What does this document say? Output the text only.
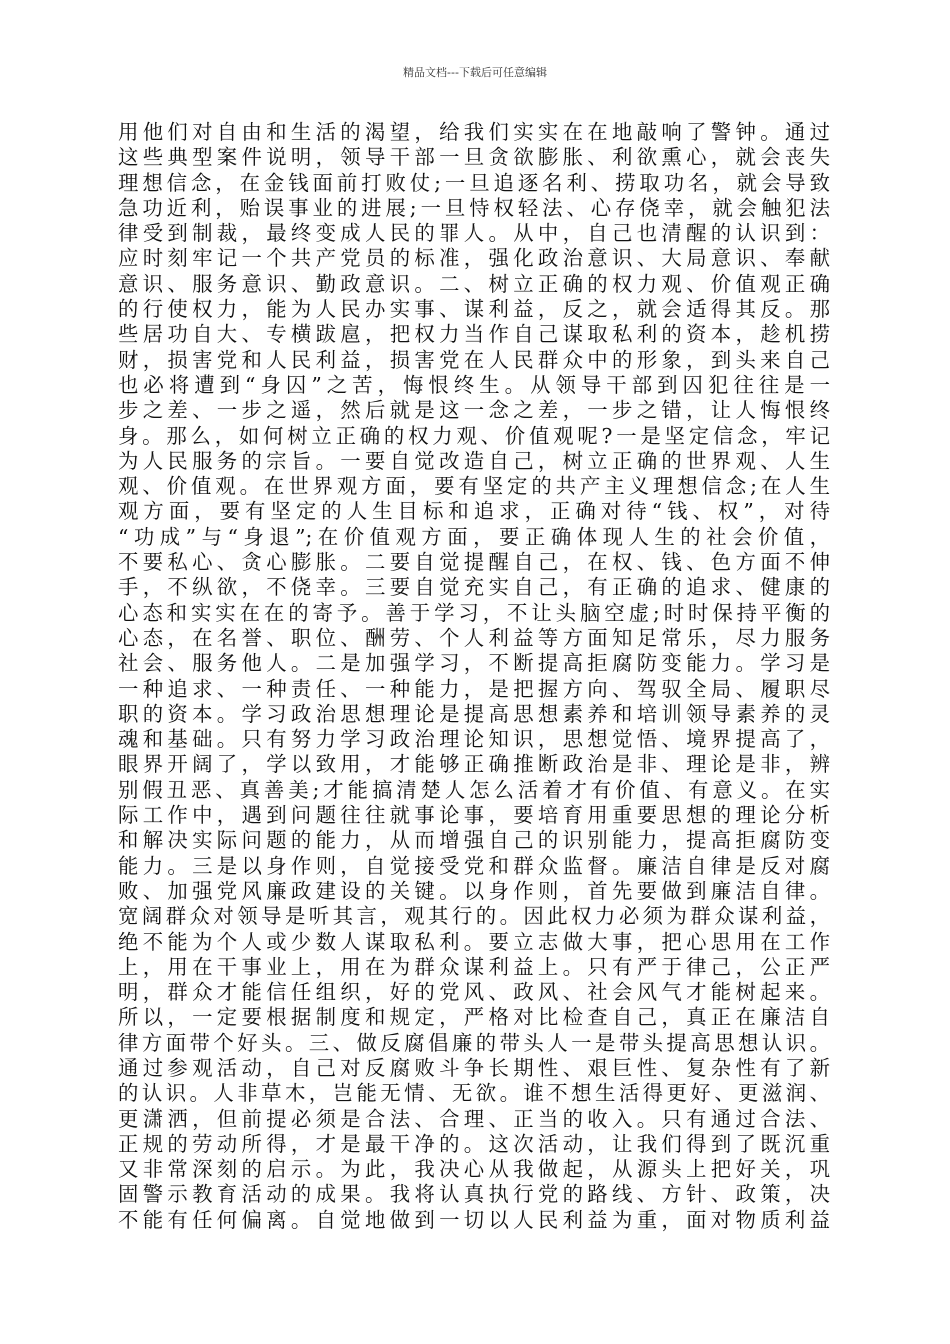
精品文档---下载后可任意编辑
用他们对自由和生活的渴望，给我们实实在在地敲响了警钟。通过
这些典型案件说明，领导干部一旦贪欲膨胀、利欲熏心，就会丧失
理想信念，在金钱面前打败仗;一旦追逐名利、捞取功名，就会导致
急功近利，贻误事业的进展;一旦恃权轻法、心存侥幸，就会触犯法
律受到制裁，最终变成人民的罪人。从中，自己也清醒的认识到：
应时刻牢记一个共产党员的标准，强化政治意识、大局意识、奉献
意识、服务意识、勤政意识。二、树立正确的权力观、价值观正确
的行使权力，能为人民办实事、谋利益，反之，就会适得其反。那
些居功自大、专横跋扈，把权力当作自己谋取私利的资本，趁机捞
财，损害党和人民利益，损害党在人民群众中的形象，到头来自己
也必将遭到“身囚”之苦，悔恨终生。从领导干部到囚犯往往是一
步之差、一步之遥，然后就是这一念之差，一步之错，让人悔恨终
身。那么，如何树立正确的权力观、价值观呢?一是坚定信念，牢记
为人民服务的宗旨。一要自觉改造自己，树立正确的世界观、人生
观、价值观。在世界观方面，要有坚定的共产主义理想信念;在人生
观方面，要有坚定的人生目标和追求，正确对待“钱、权”，对待
“功成”与“身退”;在价值观方面，要正确体现人生的社会价值，
不要私心、贪心膨胀。二要自觉提醒自己，在权、钱、色方面不伸
手，不纵欲，不侥幸。三要自觉充实自己，有正确的追求、健康的
心态和实实在在的寄予。善于学习，不让头脑空虚;时时保持平衡的
心态，在名誉、职位、酬劳、个人利益等方面知足常乐，尽力服务
社会、服务他人。二是加强学习，不断提高拒腐防变能力。学习是
一种追求、一种责任、一种能力，是把握方向、驾驭全局、履职尽
职的资本。学习政治思想理论是提高思想素养和培训领导素养的灵
魂和基础。只有努力学习政治理论知识，思想觉悟、境界提高了，
眼界开阔了，学以致用，才能够正确推断政治是非、理论是非，辨
别假丑恶、真善美;才能搞清楚人怎么活着才有价值、有意义。在实
际工作中，遇到问题往往就事论事，要培育用重要思想的理论分析
和解决实际问题的能力，从而增强自己的识别能力，提高拒腐防变
能力。三是以身作则，自觉接受党和群众监督。廉洁自律是反对腐
败、加强党风廉政建设的关键。以身作则，首先要做到廉洁自律。
宽阔群众对领导是听其言，观其行的。因此权力必须为群众谋利益，
绝不能为个人或少数人谋取私利。要立志做大事，把心思用在工作
上，用在干事业上，用在为群众谋利益上。只有严于律己，公正严
明，群众才能信任组织，好的党风、政风、社会风气才能树起来。
所以，一定要根据制度和规定，严格对比检查自己，真正在廉洁自
律方面带个好头。三、做反腐倡廉的带头人一是带头提高思想认识。
通过参观活动，自己对反腐败斗争长期性、艰巨性、复杂性有了新
的认识。人非草木，岂能无情、无欲。谁不想生活得更好、更滋润、
更潇洒，但前提必须是合法、合理、正当的收入。只有通过合法、
正规的劳动所得，才是最干净的。这次活动，让我们得到了既沉重
又非常深刻的启示。为此，我决心从我做起，从源头上把好关，巩
固警示教育活动的成果。我将认真执行党的路线、方针、政策，决
不能有任何偏离。自觉地做到一切以人民利益为重，面对物质利益
